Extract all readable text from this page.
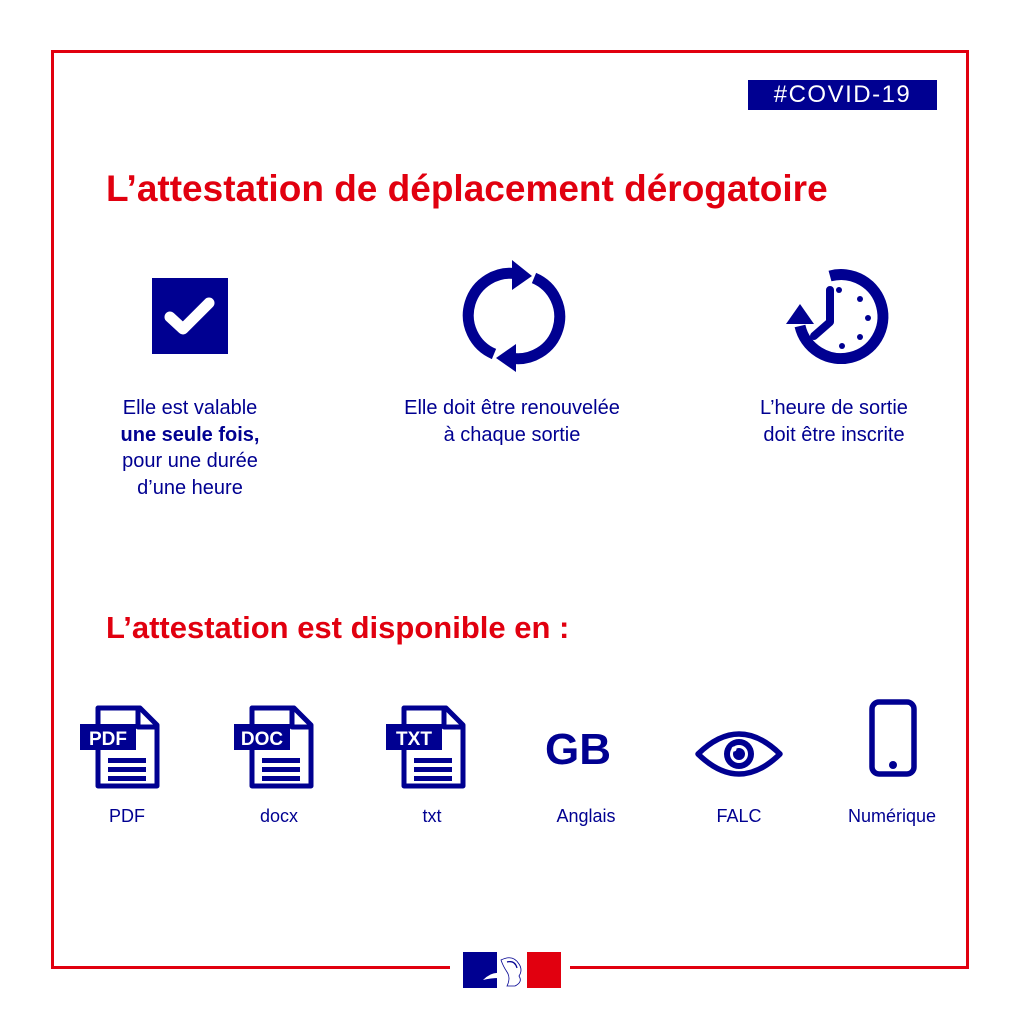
#COVID-19
L’attestation de déplacement dérogatoire
Elle est valable
une seule fois,
pour une durée
d’une heure
Elle doit être renouvelée
à chaque sortie
L’heure de sortie
doit être inscrite
L’attestation est disponible en :
PDF
PDF
DOC
docx
TXT
txt
GB
Anglais	FALC	Numérique
